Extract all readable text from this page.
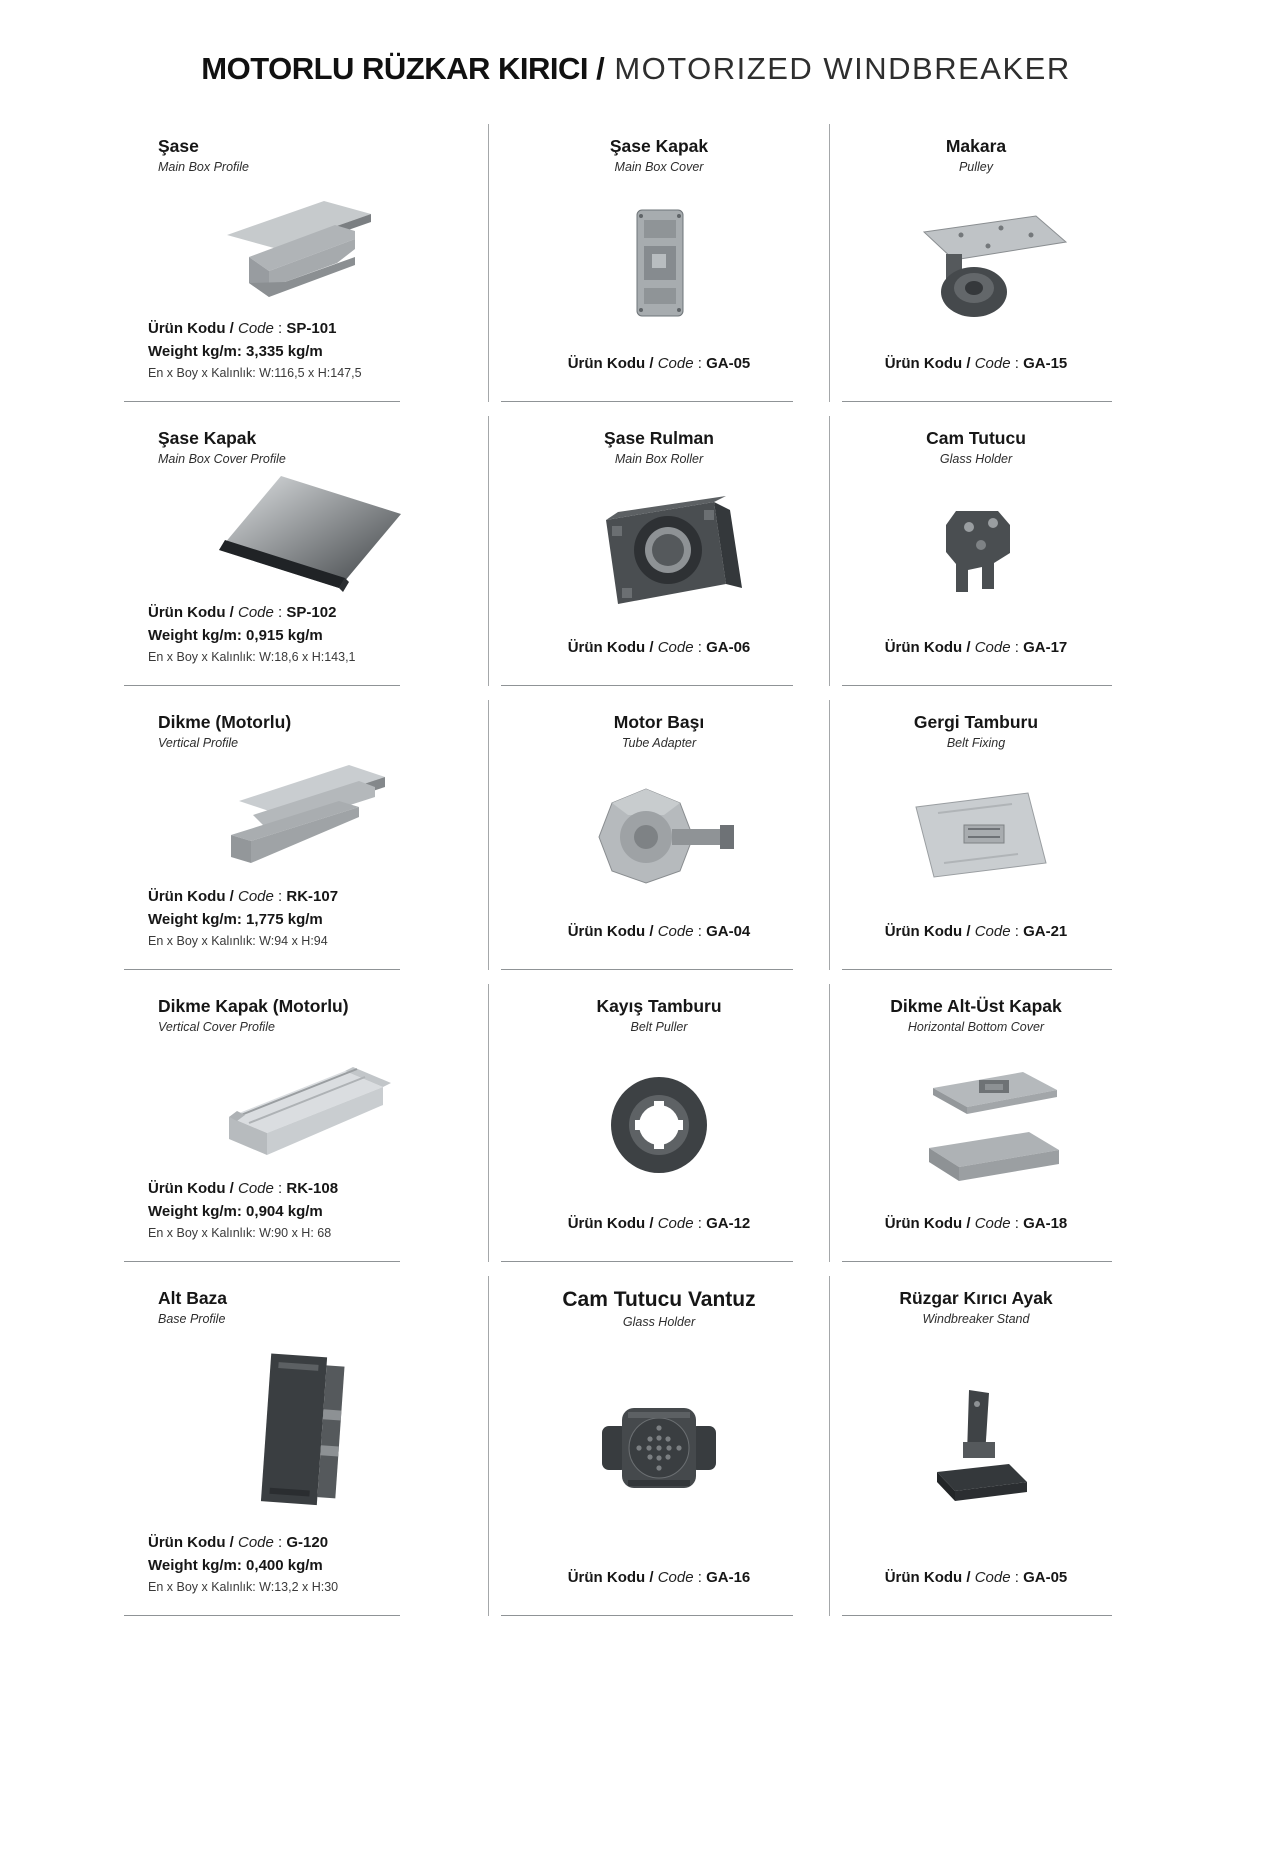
MOTORLU RÜZKAR KIRICI / MOTORIZED WINDBREAKER
Şase
Main Box Profile
Ürün Kodu / Code : SP-101
Weight kg/m: 3,335 kg/m
En x Boy x Kalınlık: W:116,5 x H:147,5
Şase Kapak
Main Box Cover
Ürün Kodu / Code : GA-05
Makara
Pulley
Ürün Kodu / Code : GA-15
Şase Kapak
Main Box Cover Profile
Ürün Kodu / Code : SP-102
Weight kg/m: 0,915 kg/m
En x Boy x Kalınlık: W:18,6 x H:143,1
Şase Rulman
Main Box Roller
Ürün Kodu / Code : GA-06
Cam Tutucu
Glass Holder
Ürün Kodu / Code : GA-17
Dikme (Motorlu)
Vertical Profile
Ürün Kodu / Code : RK-107
Weight kg/m: 1,775 kg/m
En x Boy x Kalınlık: W:94 x H:94
Motor Başı
Tube Adapter
Ürün Kodu / Code : GA-04
Gergi Tamburu
Belt Fixing
Ürün Kodu / Code : GA-21
Dikme Kapak (Motorlu)
Vertical Cover Profile
Ürün Kodu / Code : RK-108
Weight kg/m: 0,904 kg/m
En x Boy x Kalınlık: W:90 x H: 68
Kayış Tamburu
Belt Puller
Ürün Kodu / Code : GA-12
Dikme Alt-Üst Kapak
Horizontal Bottom Cover
Ürün Kodu / Code : GA-18
Alt Baza
Base Profile
Ürün Kodu / Code : G-120
Weight kg/m: 0,400 kg/m
En x Boy x Kalınlık: W:13,2 x H:30
Cam Tutucu Vantuz
Glass Holder
Ürün Kodu / Code : GA-16
Rüzgar Kırıcı Ayak
Windbreaker Stand
Ürün Kodu / Code : GA-05
